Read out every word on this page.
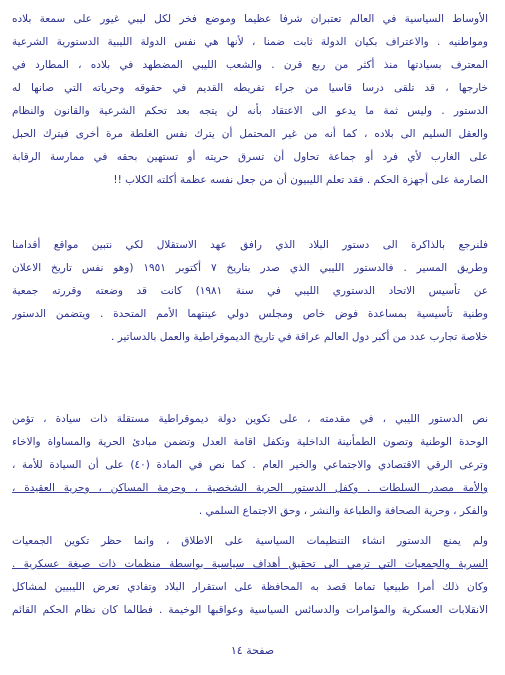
الأوساط السياسية في العالم تعتبران شرفا عظيما وموضع فخر لكل ليبي غيور على سمعة بلاده
ومواطنيه . والاعتراف بكيان الدولة ثابت ضمنا ، لأنها هي نفس الدولة الليبية الدستورية الشرعية
المعترف بسيادتها منذ أكثر من ربع قرن . والشعب الليبي المضطهد في بلاده ، المطارد في
خارجها ، قد تلقى درسا قاسيا من جراء تفريطه القديم في حقوقه وحرياته التي صانها له
الدستور . وليس ثمة ما يدعو الى الاعتقاد بأنه لن يتجه بعد تحكم الشرعية والقانون والنظام
والعقل السليم الى بلاده ، كما أنه من غير المحتمل أن يترك نفس الغلطة مرة أخرى فيترك الحبل
على الغارب لأي فرد أو جماعة تحاول أن تسرق حريته أو تستهين بحقه في ممارسة الرقابة
الصارمة على أجهزة الحكم . فقد تعلم الليبيون أن من جعل نفسه عظمة أكلته الكلاب !!
فلنرجع بالذاكرة الى دستور البلاد الذي رافق عهد الاستقلال لكي نتبين مواقع أقدامنا
وطريق المسير . فالدستور الليبي الذي صدر بتاريخ ٧ أكتوبر ١٩٥١ (وهو نفس تاريخ الاعلان
عن تأسيس الاتحاد الدستوري الليبي في سنة ١٩٨١) كانت قد وضعته وقررته جمعية
وطنية تأسيسية بمساعدة فوض خاص ومجلس دولي عينتهما الأمم المتحدة . ويتضمن الدستور
خلاصة تجارب عدد من أكبر دول العالم عراقة في تاريخ الديموقراطية والعمل بالدساتير .
نص الدستور الليبي ، في مقدمته ، على تكوين دولة ديموقراطية مستقلة ذات سيادة ، تؤمن
الوحدة الوطنية وتصون الطمأنينة الداخلية وتكفل اقامة العدل وتضمن مبادئ الحرية والمساواة والاخاء
وترعى الرقي الاقتصادي والاجتماعي والخير العام . كما نص في المادة (٤٠) على أن السيادة للأمة ،
والأمة مصدر السلطات . وكفل الدستور الحرية الشخصية ، وحرمة المساكن ، وحرية العقيدة ،
والفكر ، وحرية الصحافة والطباعة والنشر ، وحق الاجتماع السلمي .
ولم يمنع الدستور انشاء التنظيمات السياسية على الاطلاق ، وانما حظر تكوين الجمعيات
السرية والجمعيات التي ترمي الى تحقيق أهداف سياسية بواسطة منظمات ذات صبغة عسكرية .
وكان ذلك أمرا طبيعيا تماما قصد به المحافظة على استقرار البلاد وتفادي تعرض الليبيين لمشاكل
الانقلابات العسكرية والمؤامرات والدسائس السياسية وعواقبها الوخيمة . فطالما كان نظام الحكم القائم
صفحة ١٤
